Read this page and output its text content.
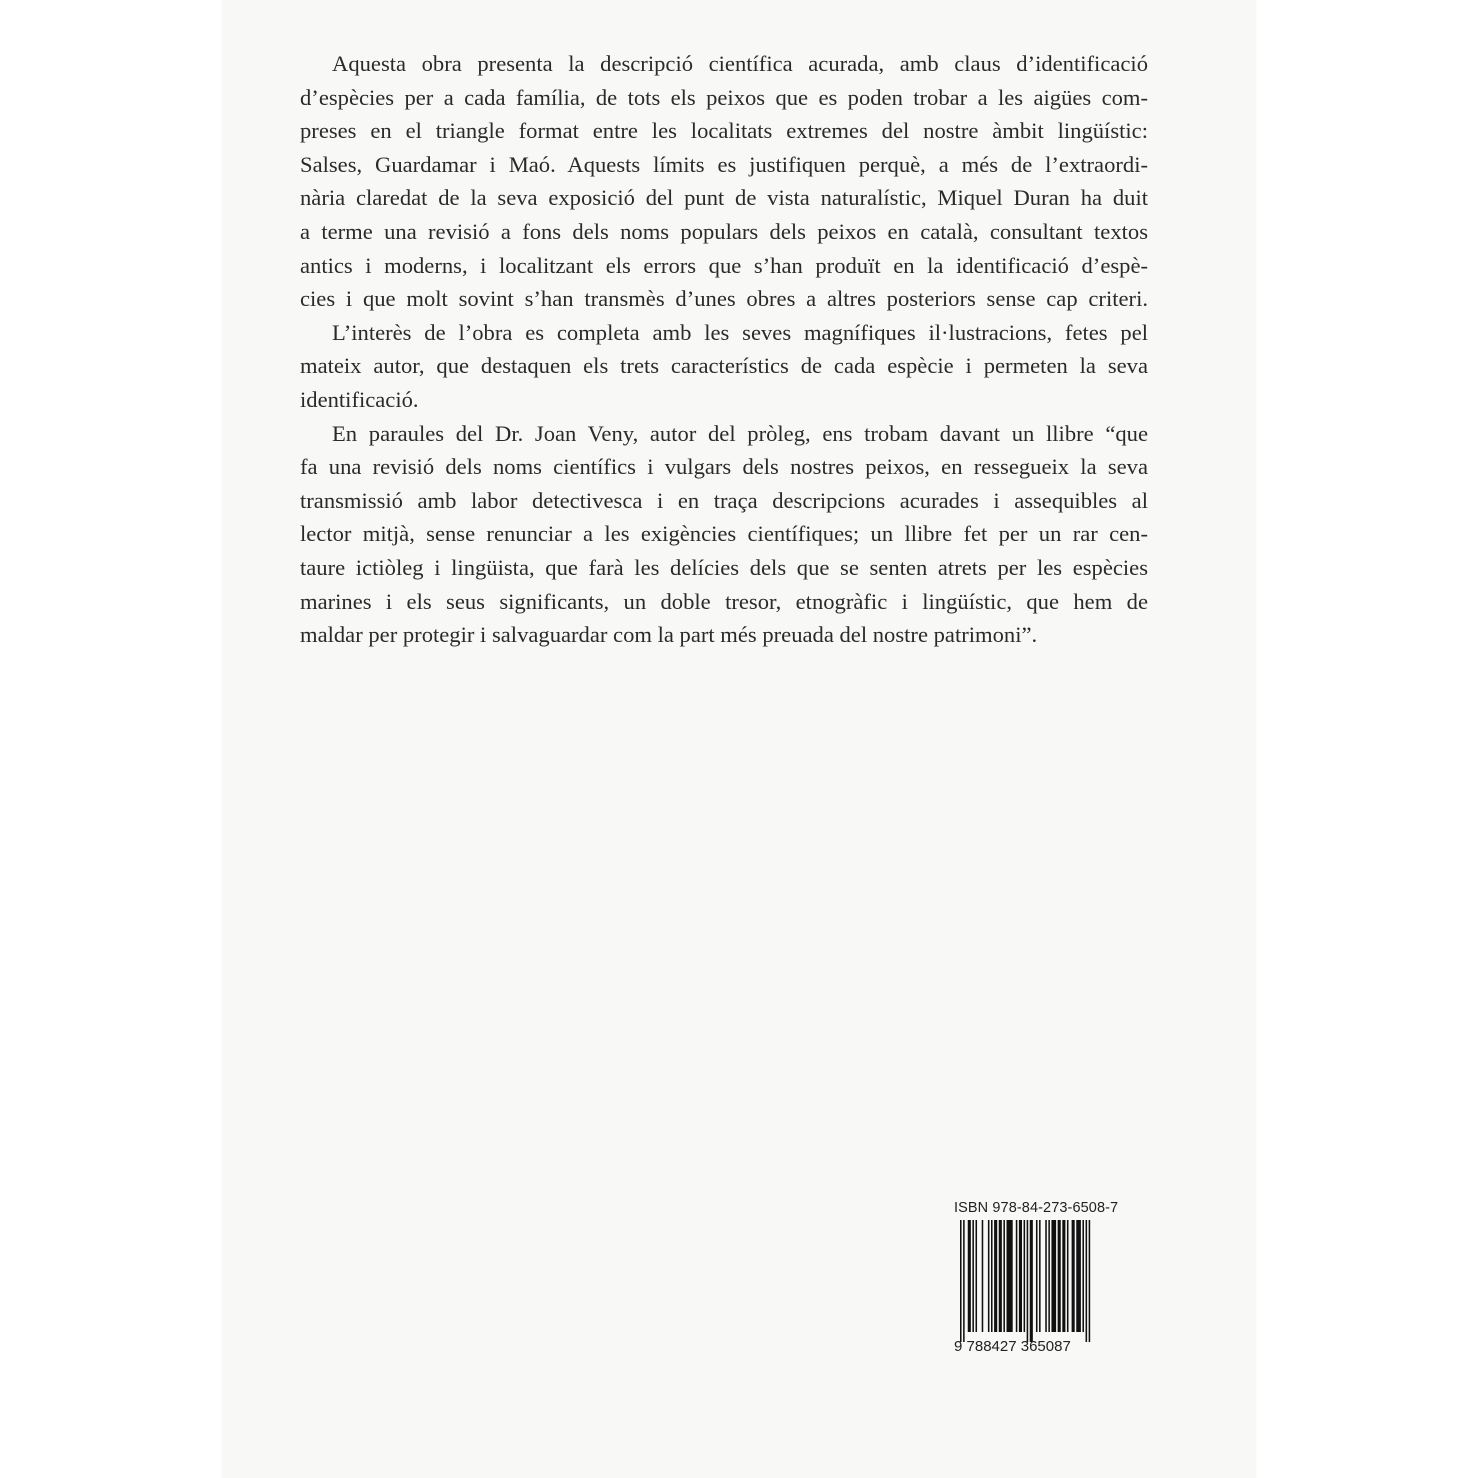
Aquesta obra presenta la descripció científica acurada, amb claus d’identificació
d’espècies per a cada família, de tots els peixos que es poden trobar a les aigües com-
preses en el triangle format entre les localitats extremes del nostre àmbit lingüístic:
Salses, Guardamar i Maó. Aquests límits es justifiquen perquè, a més de l’extraordi-
nària claredat de la seva exposició del punt de vista naturalístic, Miquel Duran ha duit
a terme una revisió a fons dels noms populars dels peixos en català, consultant textos
antics i moderns, i localitzant els errors que s’han produït en la identificació d’espè-
cies i que molt sovint s’han transmès d’unes obres a altres posteriors sense cap criteri.
L’interès de l’obra es completa amb les seves magnífiques il·lustracions, fetes pel
mateix autor, que destaquen els trets característics de cada espècie i permeten la seva
identificació.
En paraules del Dr. Joan Veny, autor del pròleg, ens trobam davant un llibre “que
fa una revisió dels noms científics i vulgars dels nostres peixos, en ressegueix la seva
transmissió amb labor detectivesca i en traça descripcions acurades i assequibles al
lector mitjà, sense renunciar a les exigències científiques; un llibre fet per un rar cen-
taure ictiòleg i lingüista, que farà les delícies dels que se senten atrets per les espècies
marines i els seus significants, un doble tresor, etnogràfic i lingüístic, que hem de
maldar per protegir i salvaguardar com la part més preuada del nostre patrimoni”.
ISBN 978-84-273-6508-7
9 788427 365087
